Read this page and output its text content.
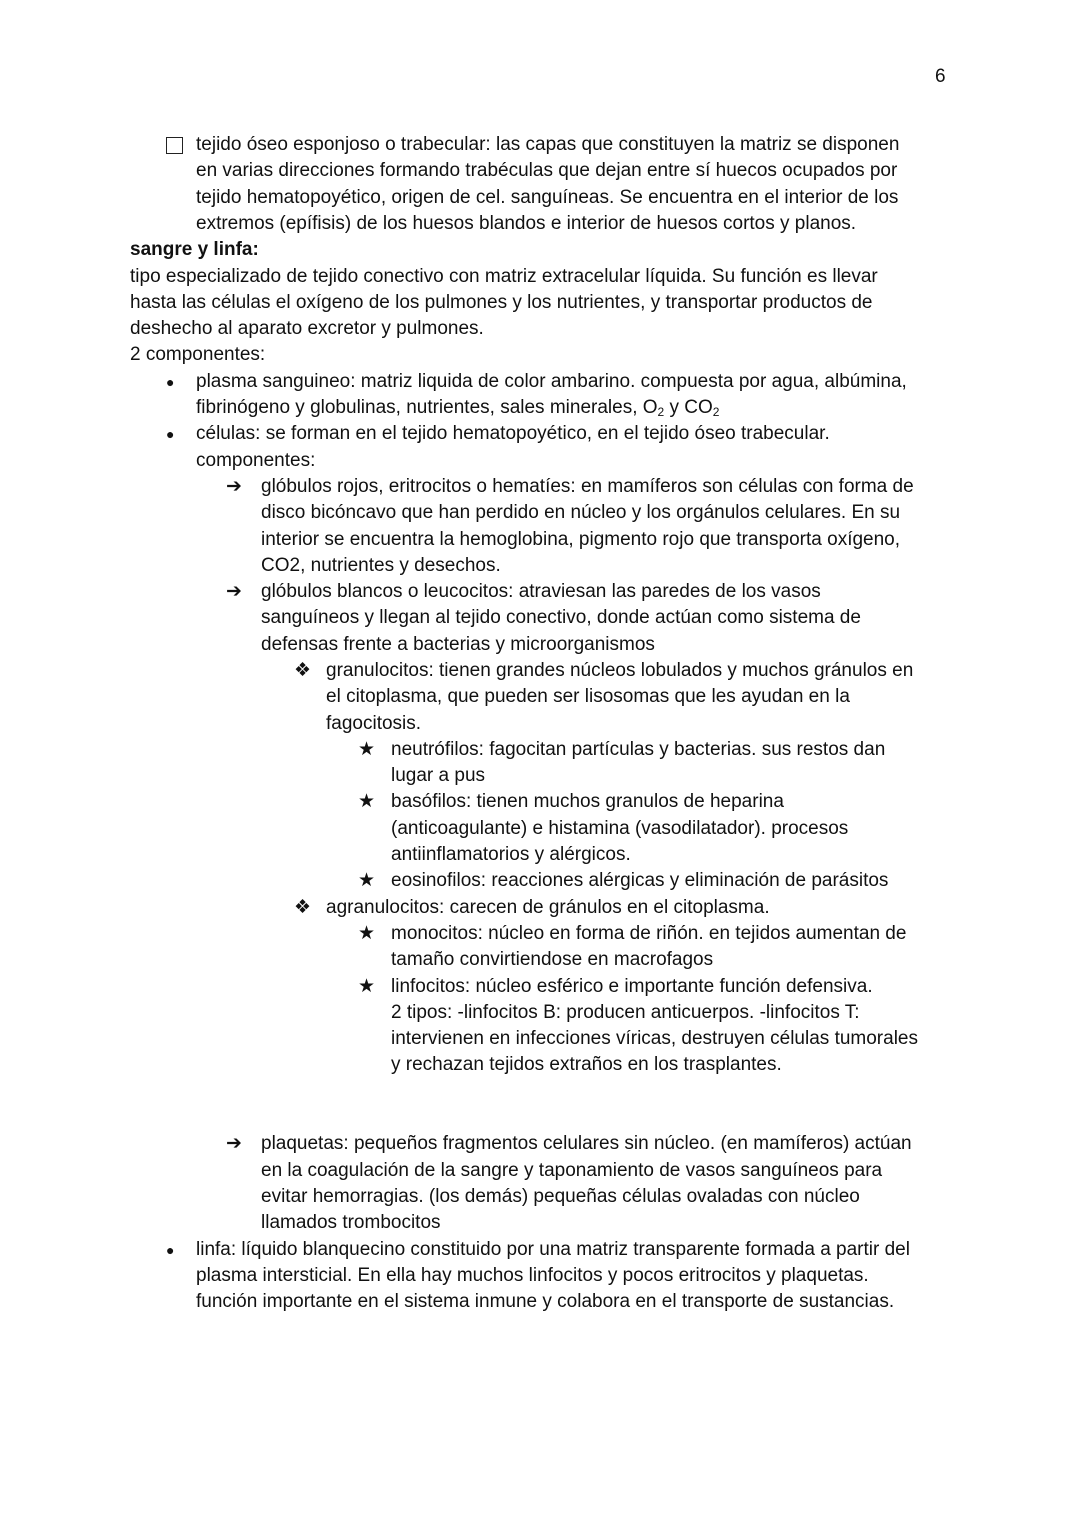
6
tejido óseo esponjoso o trabecular: las capas que constituyen la matriz se disponen
en varias direcciones formando trabéculas que dejan entre sí huecos ocupados por
tejido hematopoyético, origen de cel. sanguíneas. Se encuentra en el interior de los
extremos (epífisis) de los huesos blandos e interior de huesos cortos y planos.
sangre y linfa:
tipo especializado de tejido conectivo con matriz extracelular líquida. Su función es llevar
hasta las células el oxígeno de los pulmones y los nutrientes, y transportar productos de
deshecho al aparato excretor y pulmones.
2 componentes:
● plasma sanguineo: matriz liquida de color ambarino. compuesta por agua, albúmina,
fibrinógeno y globulinas, nutrientes, sales minerales, $O_2$ y $CO_2$
● células: se forman en el tejido hematopoyético, en el tejido óseo trabecular.
componentes:
➔ glóbulos rojos, eritrocitos o hematíes: en mamíferos son células con forma de
disco bicóncavo que han perdido en núcleo y los orgánulos celulares. En su
interior se encuentra la hemoglobina, pigmento rojo que transporta oxígeno,
CO2, nutrientes y desechos.
➔ glóbulos blancos o leucocitos: atraviesan las paredes de los vasos
sanguíneos y llegan al tejido conectivo, donde actúan como sistema de
defensas frente a bacterias y microorganismos
❖ granulocitos: tienen grandes núcleos lobulados y muchos gránulos en
el citoplasma, que pueden ser lisosomas que les ayudan en la
fagocitosis.
★ neutrófilos: fagocitan partículas y bacterias. sus restos dan
lugar a pus
★ basófilos: tienen muchos granulos de heparina
(anticoagulante) e histamina (vasodilatador). procesos
antiinflamatorios y alérgicos.
★ eosinofilos: reacciones alérgicas y eliminación de parásitos
❖ agranulocitos: carecen de gránulos en el citoplasma.
★ monocitos: núcleo en forma de riñón. en tejidos aumentan de
tamaño convirtiendose en macrofagos
★ linfocitos: núcleo esférico e importante función defensiva.
2 tipos: -linfocitos B: producen anticuerpos. -linfocitos T:
intervienen en infecciones víricas, destruyen células tumorales
y rechazan tejidos extraños en los trasplantes.
➔ plaquetas: pequeños fragmentos celulares sin núcleo. (en mamíferos) actúan
en la coagulación de la sangre y taponamiento de vasos sanguíneos para
evitar hemorragias. (los demás) pequeñas células ovaladas con núcleo
llamados trombocitos
● linfa: líquido blanquecino constituido por una matriz transparente formada a partir del
plasma intersticial. En ella hay muchos linfocitos y pocos eritrocitos y plaquetas.
función importante en el sistema inmune y colabora en el transporte de sustancias.
